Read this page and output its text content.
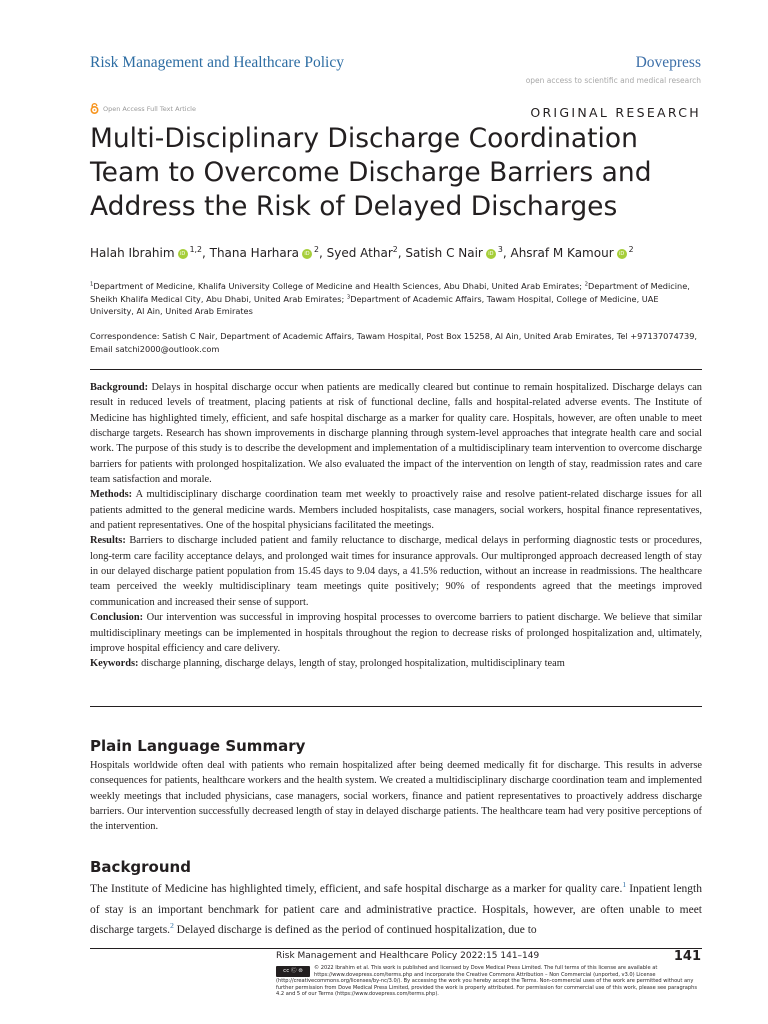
Risk Management and Healthcare Policy	Dovepress
open access to scientific and medical research
Open Access Full Text Article	ORIGINAL RESEARCH
Multi-Disciplinary Discharge Coordination Team to Overcome Discharge Barriers and Address the Risk of Delayed Discharges
Halah Ibrahim iD $^{1,2}$, Thana Harhara iD $^2$, Syed Athar$^2$, Satish C Nair iD $^3$, Ahsraf M Kamour iD $^2$
$^1$Department of Medicine, Khalifa University College of Medicine and Health Sciences, Abu Dhabi, United Arab Emirates; $^2$Department of Medicine, Sheikh Khalifa Medical City, Abu Dhabi, United Arab Emirates; $^3$Department of Academic Affairs, Tawam Hospital, College of Medicine, UAE University, Al Ain, United Arab Emirates
Correspondence: Satish C Nair, Department of Academic Affairs, Tawam Hospital, Post Box 15258, Al Ain, United Arab Emirates, Tel +97137074739, Email satchi2000@outlook.com

Background: Delays in hospital discharge occur when patients are medically cleared but continue to remain hospitalized. Discharge delays can result in reduced levels of treatment, placing patients at risk of functional decline, falls and hospital-related adverse events. The Institute of Medicine has highlighted timely, efficient, and safe hospital discharge as a marker for quality care. Hospitals, however, are often unable to meet discharge targets. Research has shown improvements in discharge planning through system-level approaches that integrate health care and social work. The purpose of this study is to describe the development and implementation of a multidisciplinary team intervention to overcome discharge barriers for patients with prolonged hospitalization. We also evaluated the impact of the intervention on length of stay, readmission rates and care team satisfaction and morale.

Methods: A multidisciplinary discharge coordination team met weekly to proactively raise and resolve patient-related discharge issues for all patients admitted to the general medicine wards. Members included hospitalists, case managers, social workers, hospital finance representatives, and patient representatives. One of the hospital physicians facilitated the meetings.

Results: Barriers to discharge included patient and family reluctance to discharge, medical delays in performing diagnostic tests or procedures, long-term care facility acceptance delays, and prolonged wait times for insurance approvals. Our multipronged approach decreased length of stay in our delayed discharge patient population from 15.45 days to 9.04 days, a 41.5% reduction, without an increase in readmissions. The healthcare team perceived the weekly multidisciplinary team meetings quite positively; 90% of respondents agreed that the meetings improved communication and increased their sense of support.

Conclusion: Our intervention was successful in improving hospital processes to overcome barriers to patient discharge. We believe that similar multidisciplinary meetings can be implemented in hospitals throughout the region to decrease risks of prolonged hospitalization and, ultimately, improve hospital efficiency and care delivery.

Keywords: discharge planning, discharge delays, length of stay, prolonged hospitalization, multidisciplinary team

Plain Language Summary

Hospitals worldwide often deal with patients who remain hospitalized after being deemed medically fit for discharge. This results in adverse consequences for patients, healthcare workers and the health system. We created a multidisciplinary discharge coordination team and implemented weekly meetings that included physicians, case managers, social workers, finance and patient representatives to proactively address discharge barriers. Our intervention successfully decreased length of stay in delayed discharge patients. The healthcare team had very positive perceptions of the intervention.

Background

The Institute of Medicine has highlighted timely, efficient, and safe hospital discharge as a marker for quality care.$^1$ Inpatient length of stay is an important benchmark for patient care and administrative practice. Hospitals, however, are often unable to meet discharge targets.$^2$ Delayed discharge is defined as the period of continued hospitalization, due to

Risk Management and Healthcare Policy 2022:15 141–149	141
cc Ⓒ ⊜	© 2022 Ibrahim et al. This work is published and licensed by Dove Medical Press Limited. The full terms of this license are available at https://www.dovepress.com/terms.php and incorporate the Creative Commons Attribution – Non Commercial (unported, v3.0) License (http://creativecommons.org/licenses/by-nc/3.0/). By accessing the work you hereby accept the Terms. Non-commercial uses of the work are permitted without any further permission from Dove Medical Press Limited, provided the work is properly attributed. For permission for commercial use of this work, please see paragraphs 4.2 and 5 of our Terms (https://www.dovepress.com/terms.php).
